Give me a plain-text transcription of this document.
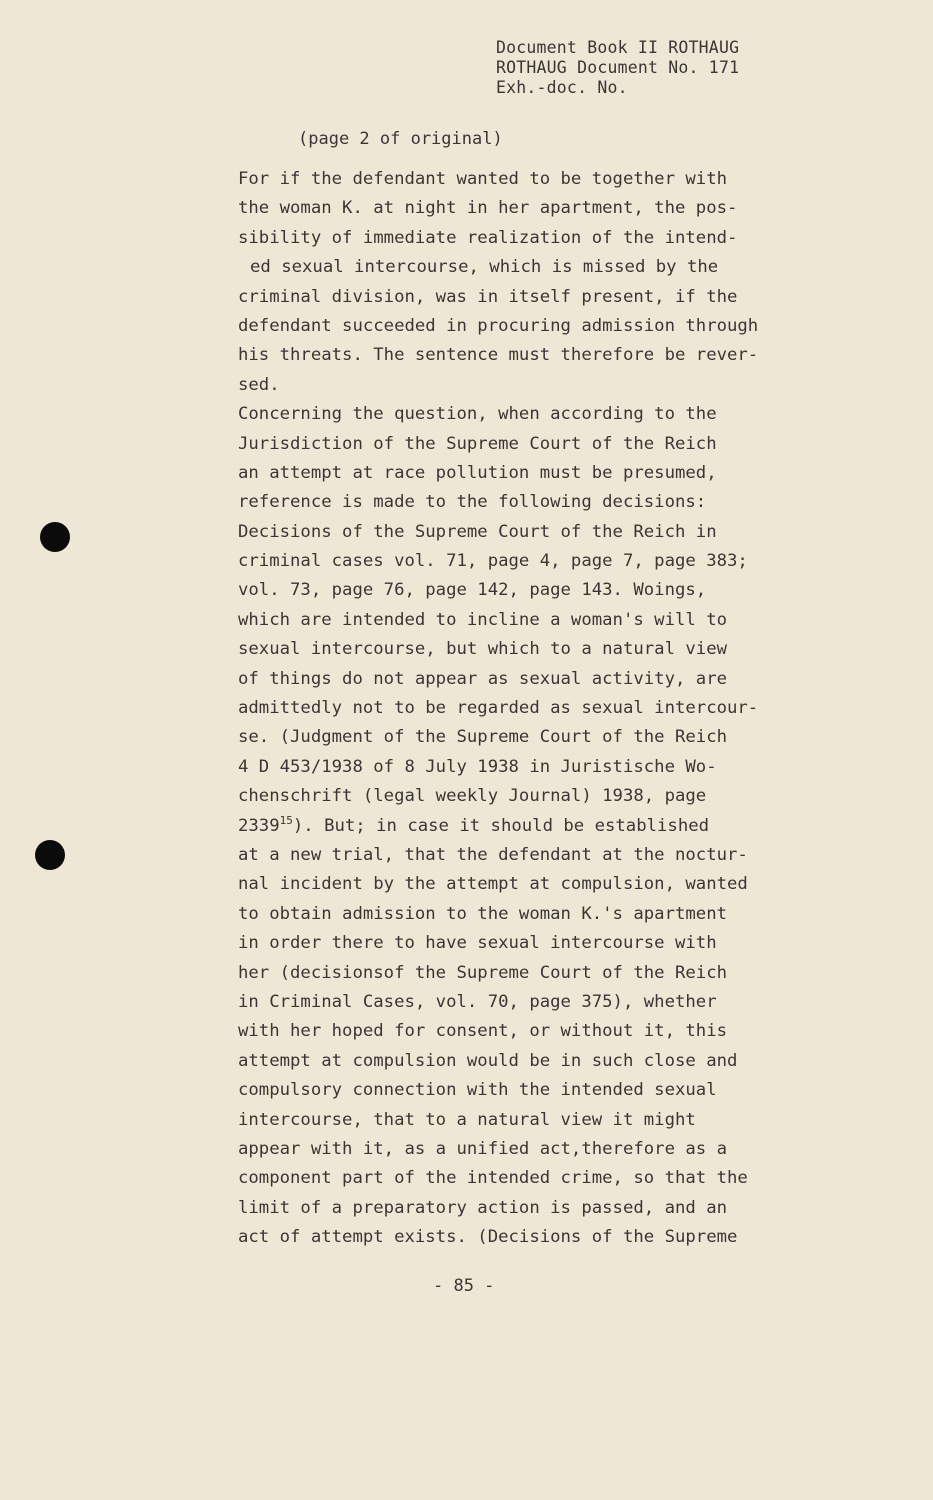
Document Book II ROTHAUG
ROTHAUG Document No. 171
Exh.-doc. No.
(page 2 of original)
For if the defendant wanted to be together with
the woman K. at night in her apartment, the pos-
sibility of immediate realization of the intend-
ed sexual intercourse, which is missed by the
criminal division, was in itself present, if the
defendant succeeded in procuring admission through
his threats. The sentence must therefore be rever-
sed.
Concerning the question, when according to the
Jurisdiction of the Supreme Court of the Reich
an attempt at race pollution must be presumed,
reference is made to the following decisions:
Decisions of the Supreme Court of the Reich in
criminal cases vol. 71, page 4, page 7, page 383;
vol. 73, page 76, page 142, page 143. Woings,
which are intended to incline a woman's will to
sexual intercourse, but which to a natural view
of things do not appear as sexual activity, are
admittedly not to be regarded as sexual intercour-
se. (Judgment of the Supreme Court of the Reich
4 D 453/1938 of 8 July 1938 in Juristische Wo-
chenschrift (legal weekly Journal) 1938, page
2339$^{15}$). But; in case it should be established
at a new trial, that the defendant at the noctur-
nal incident by the attempt at compulsion, wanted
to obtain admission to the woman K.'s apartment
in order there to have sexual intercourse with
her (decisionsof the Supreme Court of the Reich
in Criminal Cases, vol. 70, page 375), whether
with her hoped for consent, or without it, this
attempt at compulsion would be in such close and
compulsory connection with the intended sexual
intercourse, that to a natural view it might
appear with it, as a unified act,therefore as a
component part of the intended crime, so that the
limit of a preparatory action is passed, and an
act of attempt exists. (Decisions of the Supreme
- 85 -
